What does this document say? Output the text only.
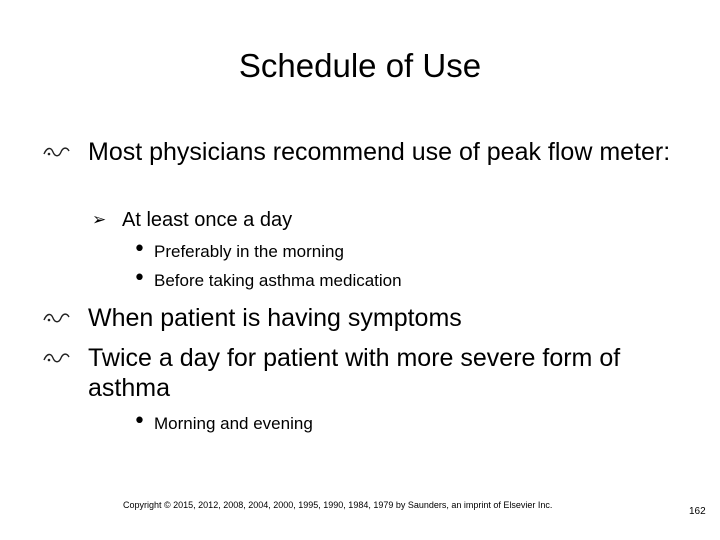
Schedule of Use
Most physicians recommend use of peak flow meter:
➢ At least once a day
• Preferably in the morning
• Before taking asthma medication
When patient is having symptoms
Twice a day for patient with more severe form of asthma
• Morning and evening

Copyright © 2015, 2012, 2008, 2004, 2000, 1995, 1990, 1984, 1979 by Saunders, an imprint of Elsevier Inc.

162
